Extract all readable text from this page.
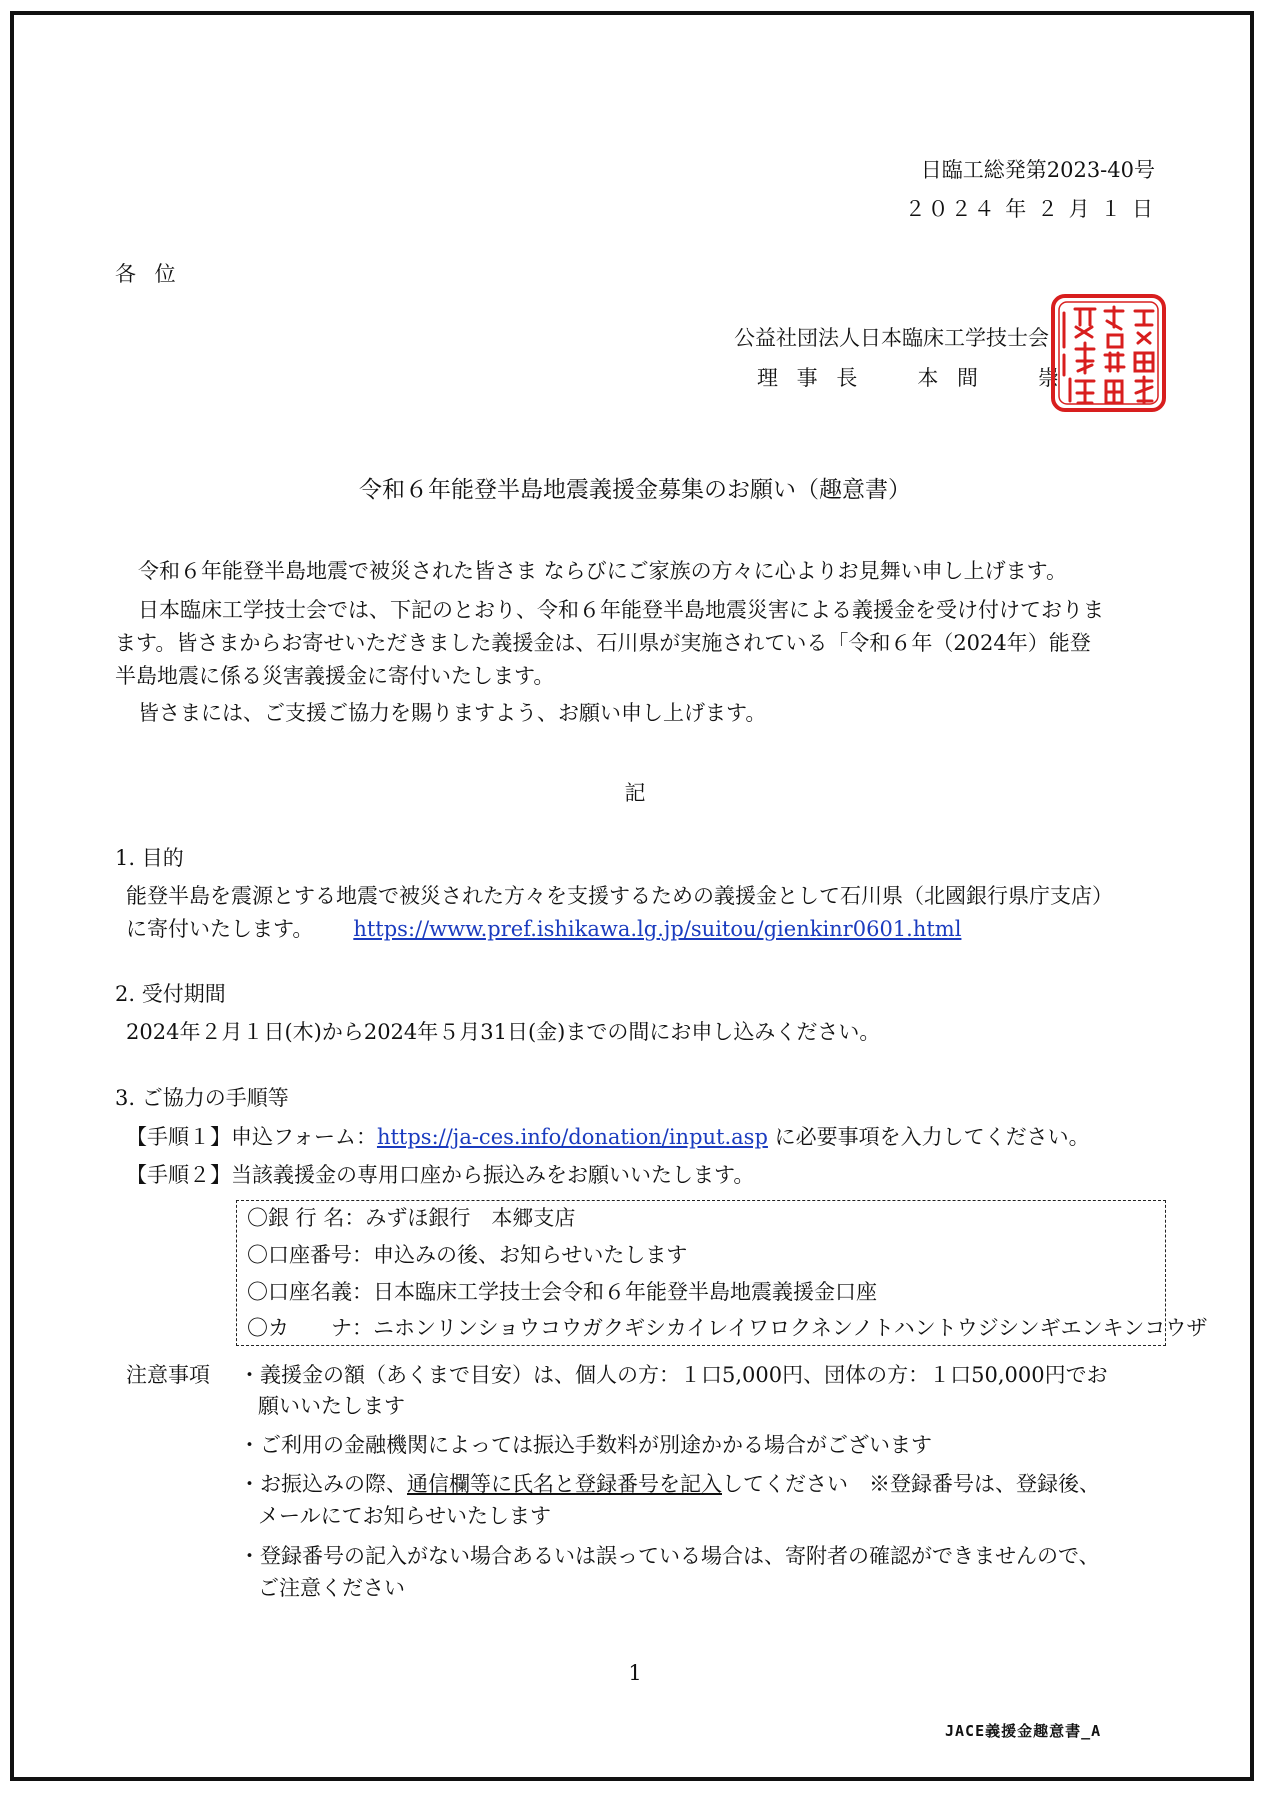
日臨工総発第2023-40号
２０２４ 年 ２ 月 １ 日
各 位
公益社団法人日本臨床工学技士会
理 事 長　　本 間　　崇
令和６年能登半島地震義援金募集のお願い（趣意書）
令和６年能登半島地震で被災された皆さま ならびにご家族の方々に心よりお見舞い申し上げます。
日本臨床工学技士会では、下記のとおり、令和６年能登半島地震災害による義援金を受け付けておりま
ます。皆さまからお寄せいただきました義援金は、石川県が実施されている「令和６年（2024年）能登
半島地震に係る災害義援金に寄付いたします。
皆さまには、ご支援ご協力を賜りますよう、お願い申し上げます。
記
1. 目的
能登半島を震源とする地震で被災された方々を支援するための義援金として石川県（北國銀行県庁支店）
に寄付いたします。 https://www.pref.ishikawa.lg.jp/suitou/gienkinr0601.html
2. 受付期間
2024年２月１日(木)から2024年５月31日(金)までの間にお申し込みください。
3. ご協力の手順等
【手順１】申込フォーム：https://ja-ces.info/donation/input.asp に必要事項を入力してください。
【手順２】当該義援金の専用口座から振込みをお願いいたします。
〇銀 行 名：みずほ銀行　本郷支店
〇口座番号：申込みの後、お知らせいたします
〇口座名義：日本臨床工学技士会令和６年能登半島地震義援金口座
〇カ　　ナ：ニホンリンショウコウガクギシカイレイワロクネンノトハントウジシンギエンキンコウザ
注意事項 ・義援金の額（あくまで目安）は、個人の方：１口5,000円、団体の方：１口50,000円でお
願いいたします
・ご利用の金融機関によっては振込手数料が別途かかる場合がございます
・お振込みの際、通信欄等に氏名と登録番号を記入してください　※登録番号は、登録後、
メールにてお知らせいたします
・登録番号の記入がない場合あるいは誤っている場合は、寄附者の確認ができませんので、
ご注意ください
1
JACE義援金趣意書_A
